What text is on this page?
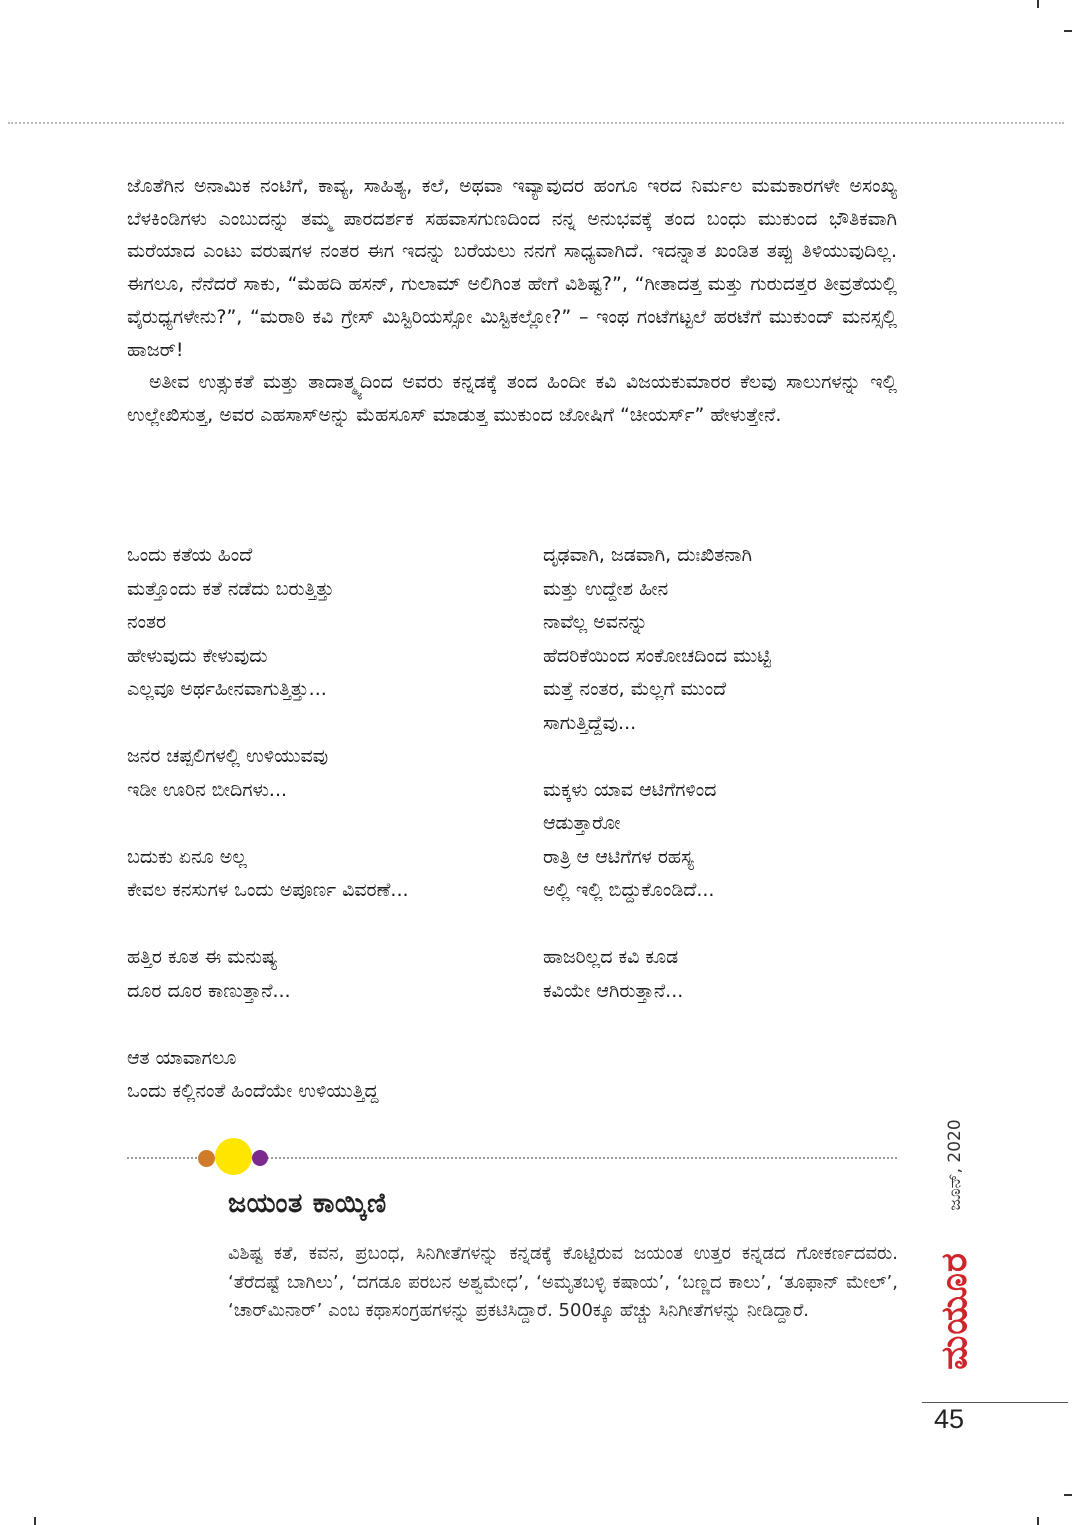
ಜೊತೆಗಿನ ಅನಾಮಿಕ ನಂಟಿಗೆ, ಕಾವ್ಯ, ಸಾಹಿತ್ಯ, ಕಲೆ, ಅಥವಾ ಇವ್ಯಾವುದರ ಹಂಗೂ ಇರದ ನಿರ್ಮಲ ಮಮಕಾರಗಳೇ ಅಸಂಖ್ಯ ಬೆಳಕಿಂಡಿಗಳು ಎಂಬುದನ್ನು ತಮ್ಮ ಪಾರದರ್ಶಕ ಸಹವಾಸಗುಣದಿಂದ ನನ್ನ ಅನುಭವಕ್ಕೆ ತಂದ ಬಂಧು ಮುಕುಂದ ಭೌತಿಕವಾಗಿ ಮರೆಯಾದ ಎಂಟು ವರುಷಗಳ ನಂತರ ಈಗ ಇದನ್ನು ಬರೆಯಲು ನನಗೆ ಸಾಧ್ಯವಾಗಿದೆ. ಇದನ್ನಾತ ಖಂಡಿತ ತಪ್ಪು ತಿಳಿಯುವುದಿಲ್ಲ. ಈಗಲೂ, ನೆನೆದರೆ ಸಾಕು, “ಮೆಹದಿ ಹಸನ್, ಗುಲಾಮ್ ಅಲಿಗಿಂತ ಹೇಗೆ ವಿಶಿಷ್ಟ?”, “ಗೀತಾದತ್ತ ಮತ್ತು ಗುರುದತ್ತರ ತೀವ್ರತೆಯಲ್ಲಿ ವೈರುಧ್ಯಗಳೇನು?”, “ಮರಾಠಿ ಕವಿ ಗ್ರೇಸ್ ಮಿಸ್ಟಿರಿಯಸ್ಸೋ ಮಿಸ್ಟಿಕಲ್ಲೋ?” – ಇಂಥ ಗಂಟೆಗಟ್ಟಲೆ ಹರಟೆಗೆ ಮುಕುಂದ್ ಮನಸ್ಸಲ್ಲಿ ಹಾಜರ್!

ಅತೀವ ಉತ್ಸುಕತೆ ಮತ್ತು ತಾದಾತ್ಮ್ಯದಿಂದ ಅವರು ಕನ್ನಡಕ್ಕೆ ತಂದ ಹಿಂದೀ ಕವಿ ವಿಜಯಕುಮಾರರ ಕೆಲವು ಸಾಲುಗಳನ್ನು ಇಲ್ಲಿ ಉಲ್ಲೇಖಿಸುತ್ತ, ಅವರ ಎಹಸಾಸ್‌ಅನ್ನು ಮೆಹಸೂಸ್ ಮಾಡುತ್ತ ಮುಕುಂದ ಜೋಷಿಗೆ “ಚೀಯರ್ಸ್” ಹೇಳುತ್ತೇನೆ.

ಒಂದು ಕತೆಯ ಹಿಂದೆ
ಮತ್ತೊಂದು ಕತೆ ನಡೆದು ಬರುತ್ತಿತ್ತು
ನಂತರ
ಹೇಳುವುದು ಕೇಳುವುದು
ಎಲ್ಲವೂ ಅರ್ಥಹೀನವಾಗುತ್ತಿತ್ತು...
ಜನರ ಚಪ್ಪಲಿಗಳಲ್ಲಿ ಉಳಿಯುವವು
ಇಡೀ ಊರಿನ ಬೀದಿಗಳು...
ಬದುಕು ಏನೂ ಅಲ್ಲ
ಕೇವಲ ಕನಸುಗಳ ಒಂದು ಅಪೂರ್ಣ ವಿವರಣೆ...
ಹತ್ತಿರ ಕೂತ ಈ ಮನುಷ್ಯ
ದೂರ ದೂರ ಕಾಣುತ್ತಾನೆ...
ಆತ ಯಾವಾಗಲೂ
ಒಂದು ಕಲ್ಲಿನಂತೆ ಹಿಂದೆಯೇ ಉಳಿಯುತ್ತಿದ್ದ
ದೃಢವಾಗಿ, ಜಡವಾಗಿ, ದುಃಖಿತನಾಗಿ
ಮತ್ತು ಉದ್ದೇಶ ಹೀನ
ನಾವೆಲ್ಲ ಅವನನ್ನು
ಹೆದರಿಕೆಯಿಂದ ಸಂಕೋಚದಿಂದ ಮುಟ್ಟಿ
ಮತ್ತೆ ನಂತರ, ಮೆಲ್ಲಗೆ ಮುಂದೆ
ಸಾಗುತ್ತಿದ್ದೆವು...
ಮಕ್ಕಳು ಯಾವ ಆಟಿಗೆಗಳಿಂದ
ಆಡುತ್ತಾರೋ
ರಾತ್ರಿ ಆ ಆಟಿಗೆಗಳ ರಹಸ್ಯ
ಅಲ್ಲಿ ಇಲ್ಲಿ ಬಿದ್ದುಕೊಂಡಿದೆ...
ಹಾಜರಿಲ್ಲದ ಕವಿ ಕೂಡ
ಕವಿಯೇ ಆಗಿರುತ್ತಾನೆ...
ಜಯಂತ ಕಾಯ್ಕಿಣಿ

ವಿಶಿಷ್ಟ ಕತೆ, ಕವನ, ಪ್ರಬಂಧ, ಸಿನಿಗೀತೆಗಳನ್ನು ಕನ್ನಡಕ್ಕೆ ಕೊಟ್ಟಿರುವ ಜಯಂತ ಉತ್ತರ ಕನ್ನಡದ ಗೋಕರ್ಣದವರು. ‘ತೆರೆದಷ್ಟೆ ಬಾಗಿಲು’, ‘ದಗಡೂ ಪರಬನ ಅಶ್ವಮೇಧ’, ‘ಅಮೃತಬಳ್ಳಿ ಕಷಾಯ’, ‘ಬಣ್ಣದ ಕಾಲು’, ‘ತೂಫಾನ್ ಮೇಲ್’, ‘ಚಾರ್‌ಮಿನಾರ್’ ಎಂಬ ಕಥಾಸಂಗ್ರಹಗಳನ್ನು ಪ್ರಕಟಿಸಿದ್ದಾರೆ. 500ಕ್ಕೂ ಹೆಚ್ಚು ಸಿನಿಗೀತೆಗಳನ್ನು ನೀಡಿದ್ದಾರೆ.

ಜೂನ್, 2020
ಮಯೂರ
45
